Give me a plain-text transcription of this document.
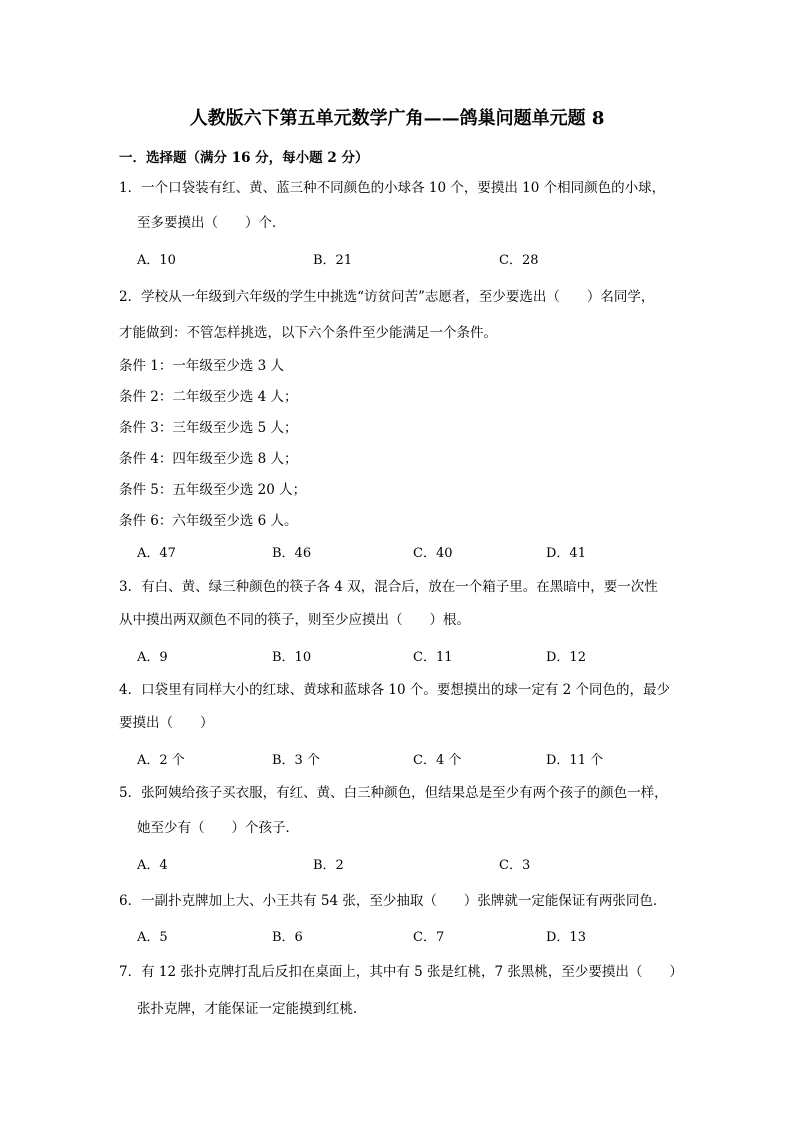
人教版六下第五单元数学广角——鸽巢问题单元题 8
一．选择题（满分 16 分，每小题 2 分）
1．一个口袋装有红、黄、蓝三种不同颜色的小球各 10 个，要摸出 10 个相同颜色的小球，
至多要摸出（　　）个．
A．10	B．21	C．28
2．学校从一年级到六年级的学生中挑选“访贫问苦”志愿者，至少要选出（　　）名同学，
才能做到：不管怎样挑选，以下六个条件至少能满足一个条件。
条件 1：一年级至少选 3 人
条件 2：二年级至少选 4 人；
条件 3：三年级至少选 5 人；
条件 4：四年级至少选 8 人；
条件 5：五年级至少选 20 人；
条件 6：六年级至少选 6 人。
A．47	B．46	C．40	D．41
3．有白、黄、绿三种颜色的筷子各 4 双，混合后，放在一个箱子里。在黑暗中，要一次性
从中摸出两双颜色不同的筷子，则至少应摸出（　　）根。
A．9	B．10	C．11	D．12
4．口袋里有同样大小的红球、黄球和蓝球各 10 个。要想摸出的球一定有 2 个同色的，最少
要摸出（　　）
A．2 个	B．3 个	C．4 个	D．11 个
5．张阿姨给孩子买衣服，有红、黄、白三种颜色，但结果总是至少有两个孩子的颜色一样，
她至少有（　　）个孩子．
A．4	B．2	C．3
6．一副扑克牌加上大、小王共有 54 张，至少抽取（　　）张牌就一定能保证有两张同色．
A．5	B．6	C．7	D．13
7．有 12 张扑克牌打乱后反扣在桌面上，其中有 5 张是红桃，7 张黑桃，至少要摸出（　　）
张扑克牌，才能保证一定能摸到红桃．
